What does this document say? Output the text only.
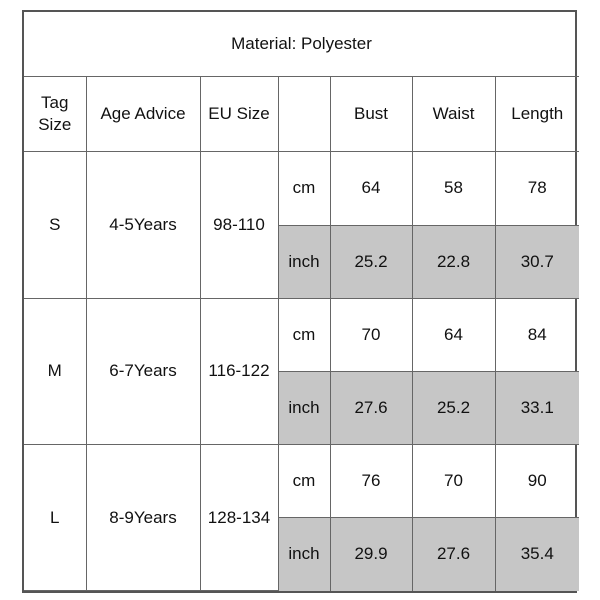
Material: Polyester						
Tag
Size	Age Advice	EU Size		Bust	Waist	Length
S	4-5Years	98-110	cm	64	58	78
			inch	25.2	22.8	30.7
M	6-7Years	116-122	cm	70	64	84
			inch	27.6	25.2	33.1
L	8-9Years	128-134	cm	76	70	90
			inch	29.9	27.6	35.4
